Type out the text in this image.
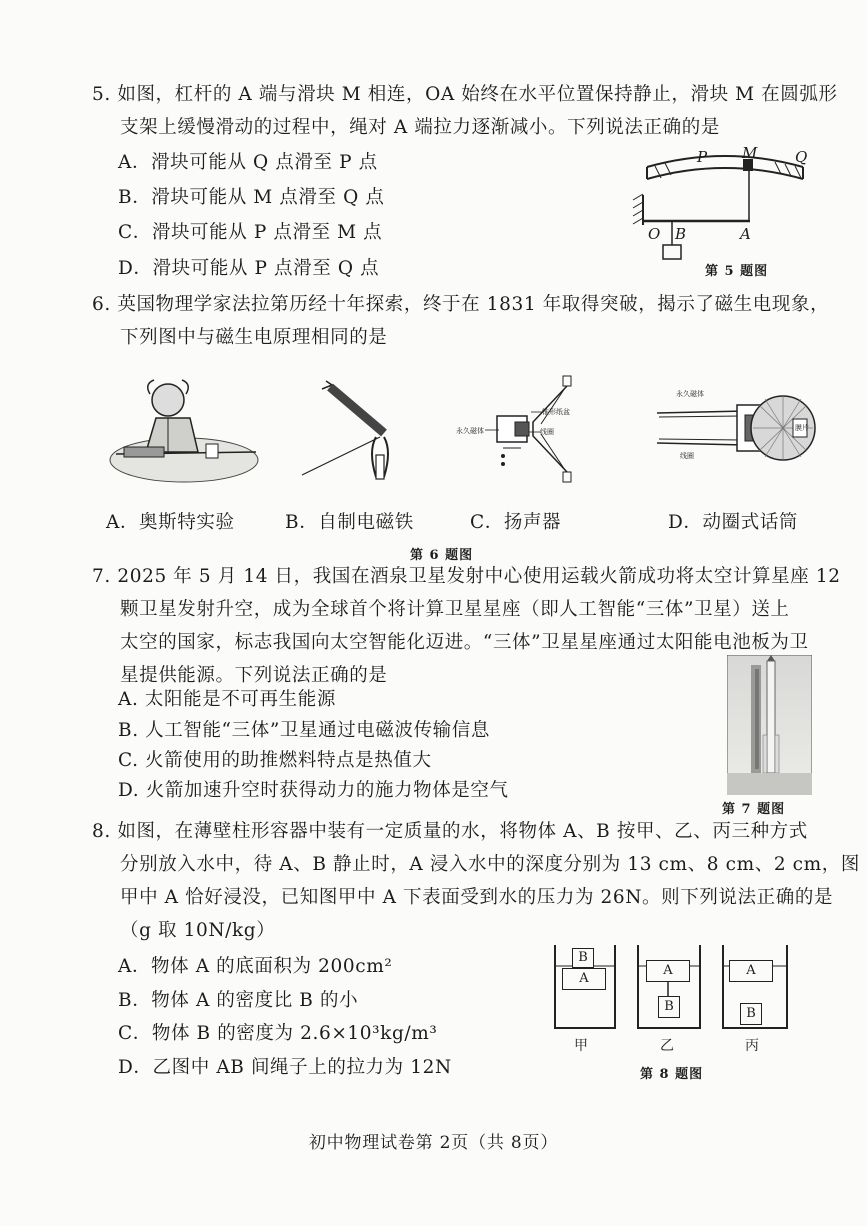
5. 如图，杠杆的 A 端与滑块 M 相连，OA 始终在水平位置保持静止，滑块 M 在圆弧形
支架上缓慢滑动的过程中，绳对 A 端拉力逐渐减小。下列说法正确的是
A．滑块可能从 Q 点滑至 P 点
B．滑块可能从 M 点滑至 Q 点
C．滑块可能从 P 点滑至 M 点
D．滑块可能从 P 点滑至 Q 点
P M	Q
O B	A
第 5 题图
6. 英国物理学家法拉第历经十年探索，终于在 1831 年取得突破，揭示了磁生电现象，
下列图中与磁生电原理相同的是
锥形纸盆
永久磁体	线圈
永久磁体
膜片
线圈
A．奥斯特实验	B．自制电磁铁	C．扬声器	D．动圈式话筒
第 6 题图
7. 2025 年 5 月 14 日，我国在酒泉卫星发射中心使用运载火箭成功将太空计算星座 12
颗卫星发射升空，成为全球首个将计算卫星星座（即人工智能“三体”卫星）送上
太空的国家，标志我国向太空智能化迈进。“三体”卫星星座通过太阳能电池板为卫
星提供能源。下列说法正确的是
A. 太阳能是不可再生能源
B. 人工智能“三体”卫星通过电磁波传输信息
C. 火箭使用的助推燃料特点是热值大
D. 火箭加速升空时获得动力的施力物体是空气
第 7 题图
8. 如图，在薄壁柱形容器中装有一定质量的水，将物体 A、B 按甲、乙、丙三种方式
分别放入水中，待 A、B 静止时，A 浸入水中的深度分别为 13 cm、8 cm、2 cm，图
甲中 A 恰好浸没，已知图甲中 A 下表面受到水的压力为 26N。则下列说法正确的是
（g 取 10N/kg）
A．物体 A 的底面积为 200cm²
B．物体 A 的密度比 B 的小
C．物体 B 的密度为 2.6×10³kg/m³
D．乙图中 AB 间绳子上的拉力为 12N
B
A
A
B
A
B
甲	乙	丙
第 8 题图
初中物理试卷第 2页（共 8页）
